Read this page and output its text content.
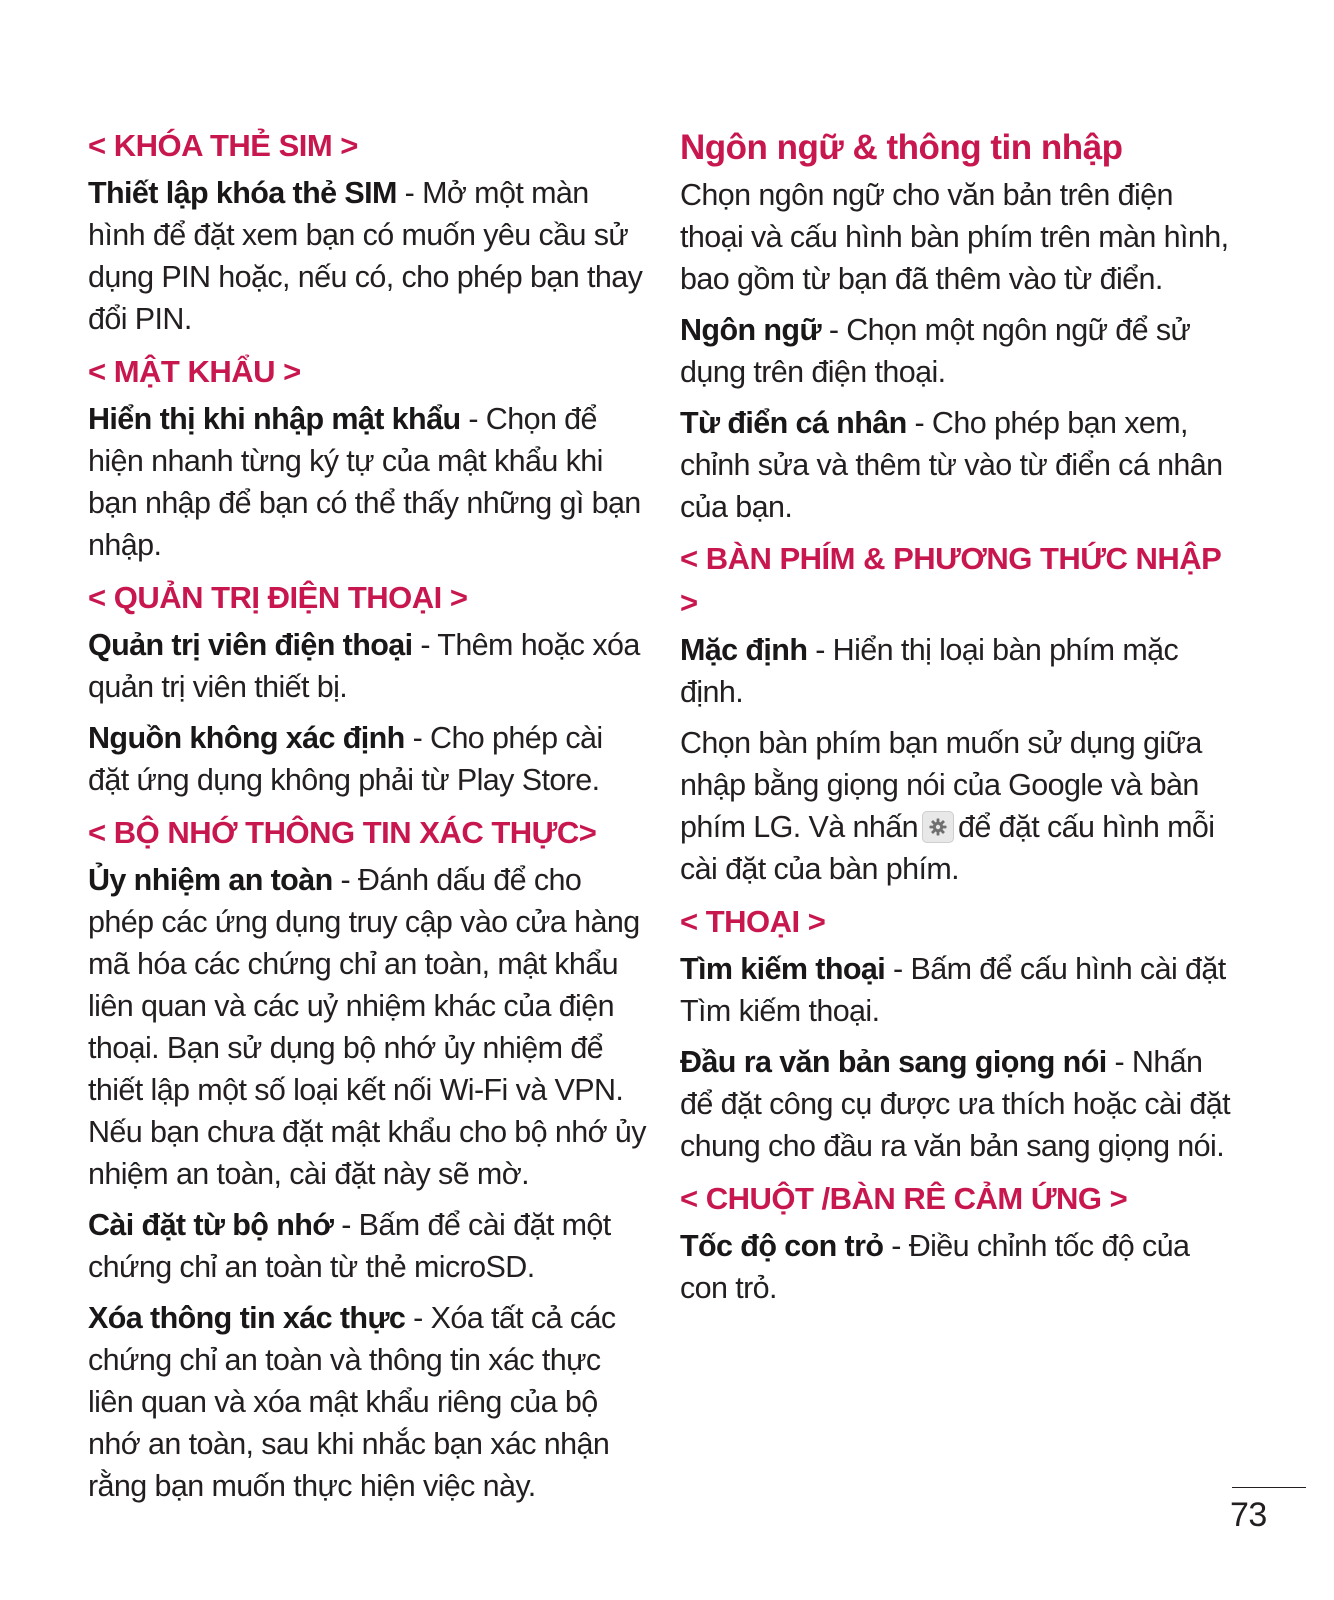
< KHÓA THẺ SIM >

Thiết lập khóa thẻ SIM - Mở một màn hình để đặt xem bạn có muốn yêu cầu sử dụng PIN hoặc, nếu có, cho phép bạn thay đổi PIN.

< MẬT KHẨU >

Hiển thị khi nhập mật khẩu - Chọn để hiện nhanh từng ký tự của mật khẩu khi bạn nhập để bạn có thể thấy những gì bạn nhập.

< QUẢN TRỊ ĐIỆN THOẠI >

Quản trị viên điện thoại - Thêm hoặc xóa quản trị viên thiết bị.

Nguồn không xác định - Cho phép cài đặt ứng dụng không phải từ Play Store.

< BỘ NHỚ THÔNG TIN XÁC THỰC>

Ủy nhiệm an toàn - Đánh dấu để cho phép các ứng dụng truy cập vào cửa hàng mã hóa các chứng chỉ an toàn, mật khẩu liên quan và các uỷ nhiệm khác của điện thoại. Bạn sử dụng bộ nhớ ủy nhiệm để thiết lập một số loại kết nối Wi-Fi và VPN. Nếu bạn chưa đặt mật khẩu cho bộ nhớ ủy nhiệm an toàn, cài đặt này sẽ mờ.

Cài đặt từ bộ nhớ - Bấm để cài đặt một chứng chỉ an toàn từ thẻ microSD.

Xóa thông tin xác thực - Xóa tất cả các chứng chỉ an toàn và thông tin xác thực liên quan và xóa mật khẩu riêng của bộ nhớ an toàn, sau khi nhắc bạn xác nhận rằng bạn muốn thực hiện việc này.

Ngôn ngữ & thông tin nhập

Chọn ngôn ngữ cho văn bản trên điện thoại và cấu hình bàn phím trên màn hình, bao gồm từ bạn đã thêm vào từ điển.

Ngôn ngữ - Chọn một ngôn ngữ để sử dụng trên điện thoại.

Từ điển cá nhân - Cho phép bạn xem, chỉnh sửa và thêm từ vào từ điển cá nhân của bạn.

< BÀN PHÍM & PHƯƠNG THỨC NHẬP >

Mặc định - Hiển thị loại bàn phím mặc định.

Chọn bàn phím bạn muốn sử dụng giữa nhập bằng giọng nói của Google và bàn phím LG. Và nhấn để đặt cấu hình mỗi cài đặt của bàn phím.

< THOẠI >

Tìm kiếm thoại - Bấm để cấu hình cài đặt Tìm kiếm thoại.

Đầu ra văn bản sang giọng nói - Nhấn để đặt công cụ được ưa thích hoặc cài đặt chung cho đầu ra văn bản sang giọng nói.

< CHUỘT /BÀN RÊ CẢM ỨNG >

Tốc độ con trỏ - Điều chỉnh tốc độ của con trỏ.

73
